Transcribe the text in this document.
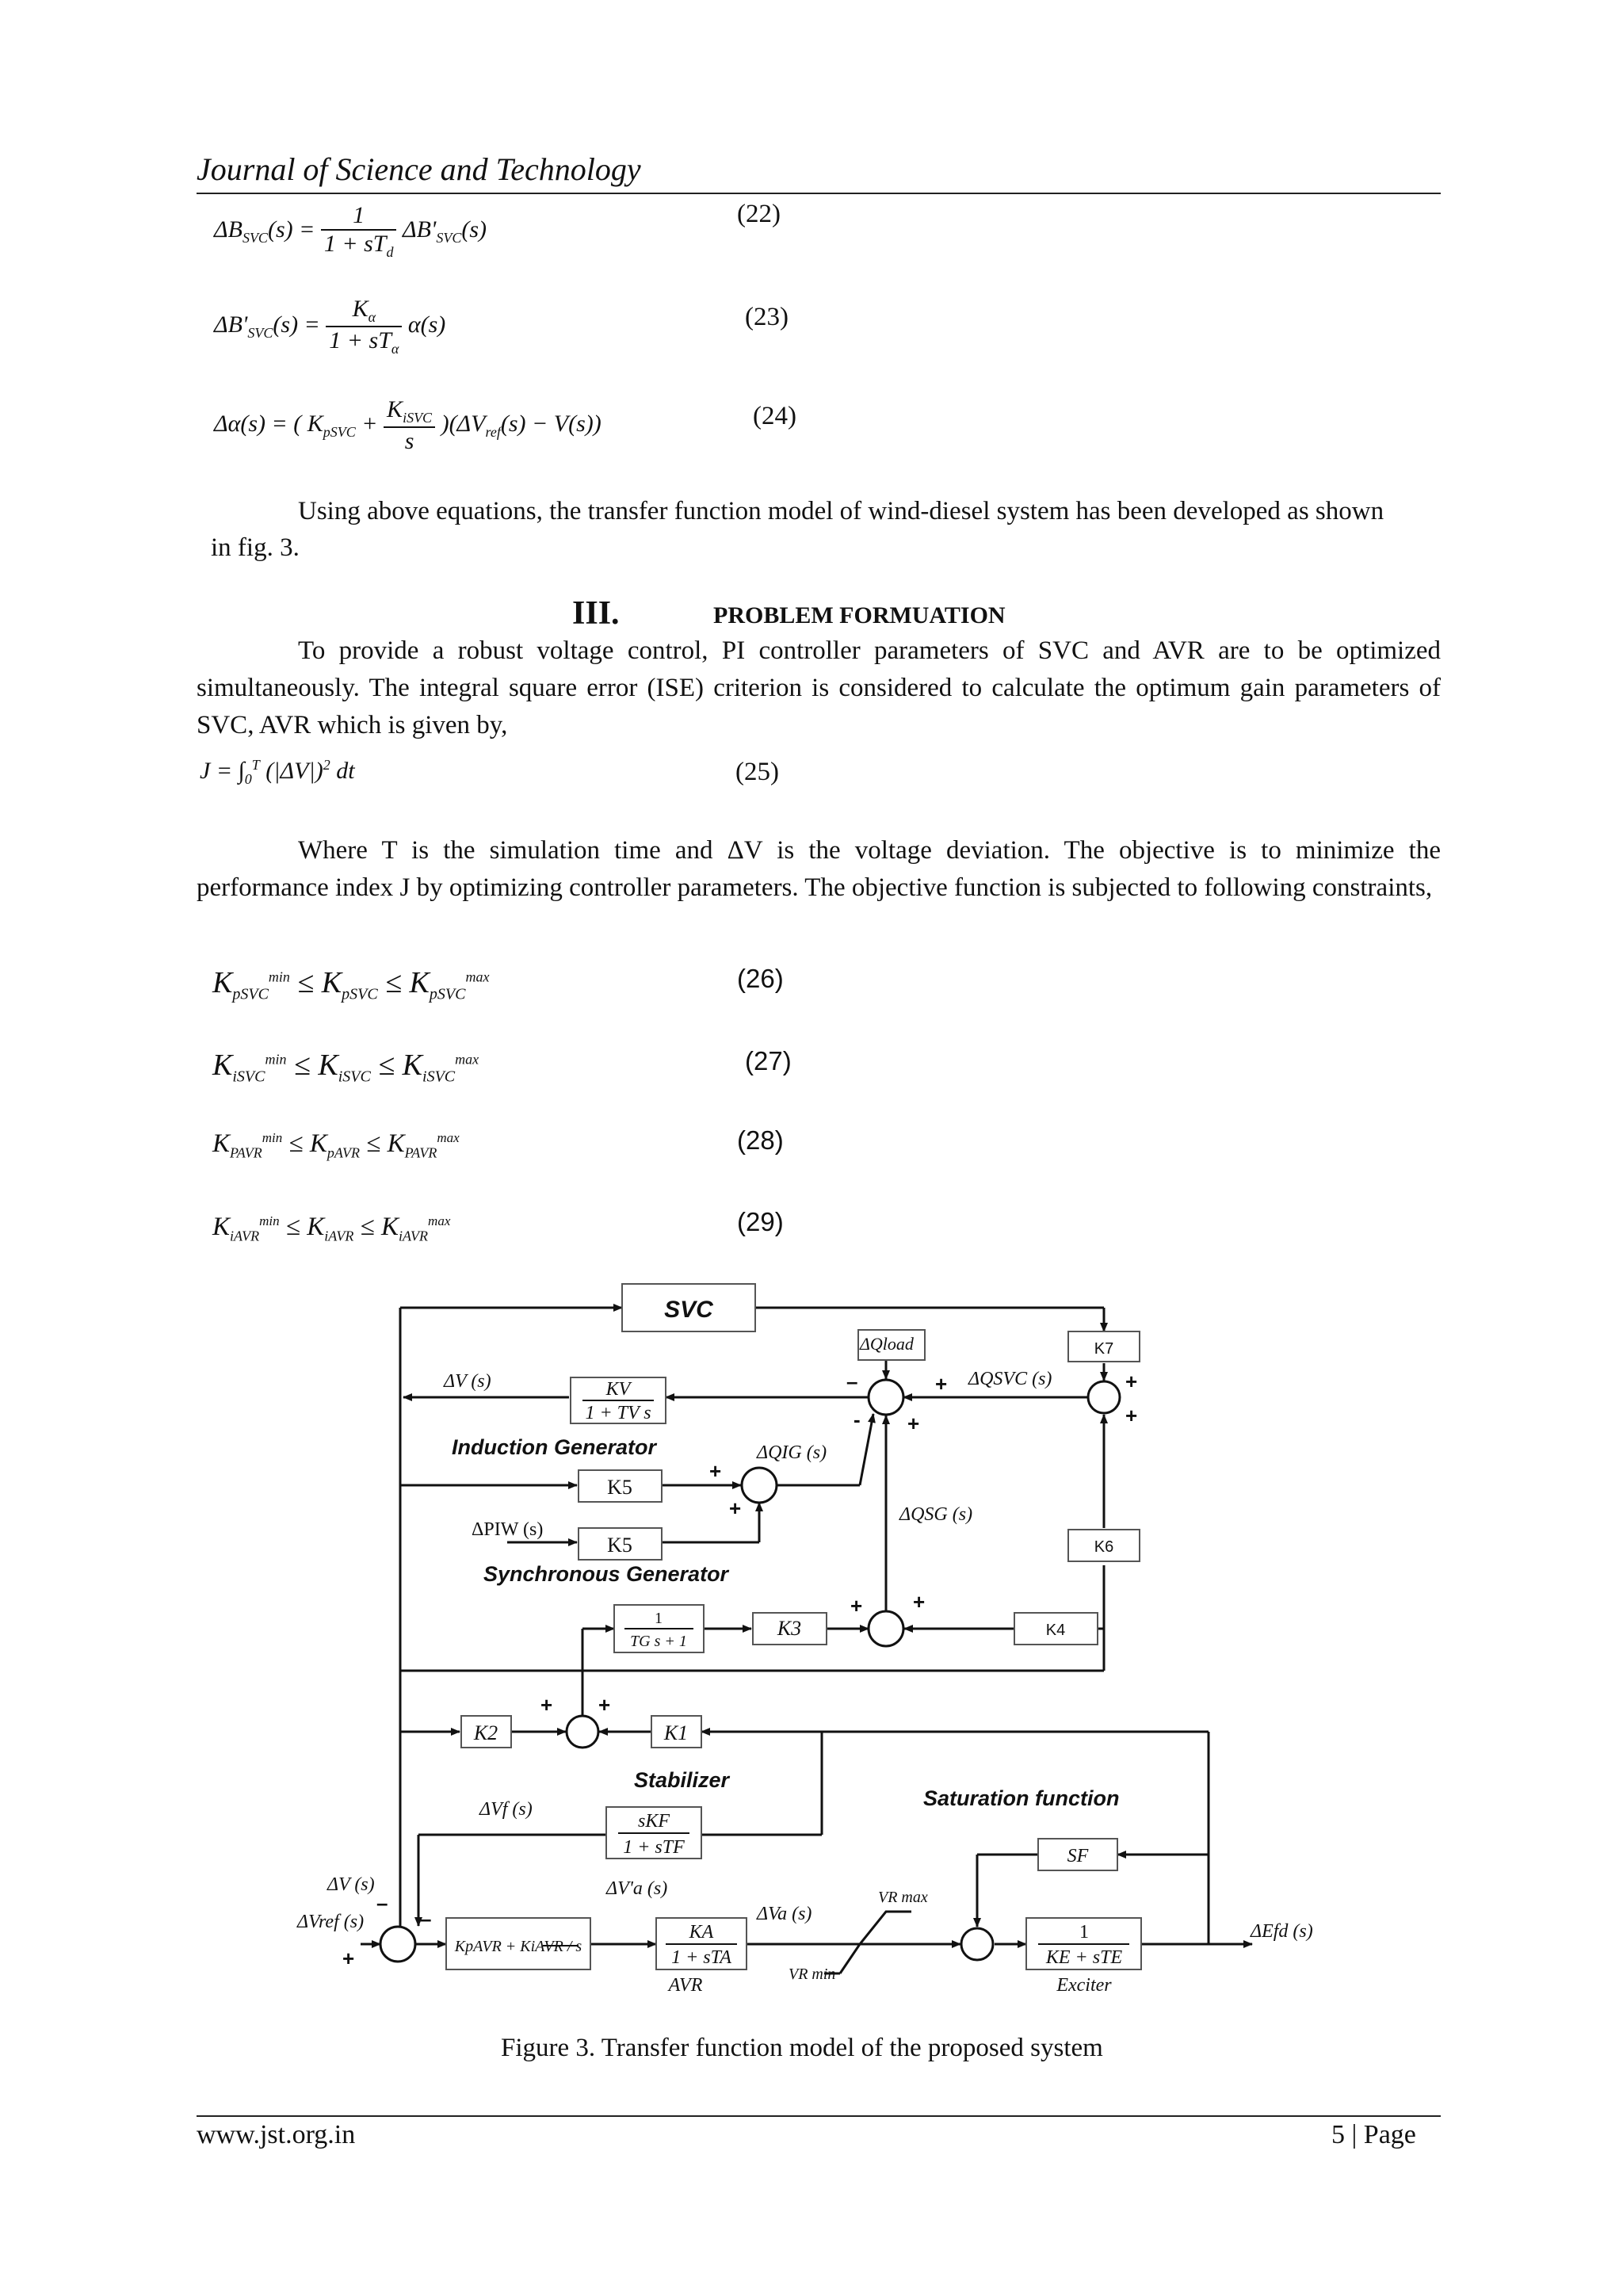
Journal of Science and Technology
$\Delta B_{SVC}(s) = \frac{1}{1 + sT_d} \Delta B'_{SVC}(s)$
(22)
$\Delta B'_{SVC}(s) = \frac{K_\alpha}{1 + sT_\alpha} \alpha(s)$	(23)
Δα(s) = ( $K_{pSVC} + \frac{K_{iSVC}}{s} )(\Delta V_{ref}(s) - V(s))$	(24)
Using above equations, the transfer function model of wind-diesel system has been developed as shown
in fig. 3.
III.	PROBLEM FORMUATION
To provide a robust voltage control, PI controller parameters of SVC and AVR are to be optimized simultaneously. The integral square error (ISE) criterion is considered to calculate the optimum gain parameters of SVC, AVR which is given by,
$J = \int_0^T$ $(|\Delta V|)^2$ dt	(25)
Where T is the simulation time and ΔV is the voltage deviation. The objective is to minimize the performance index J by optimizing controller parameters. The objective function is subjected to following constraints,
$K_{pSVC}^{min} \le K_{pSVC} \le K_{pSVC}^{max}$	(26)
$K_{iSVC}^{min} \le K_{iSVC} \le K_{iSVC}^{max}$	(27)
$K_{PAVR}^{min} \le K_{pAVR} \le K_{PAVR}^{max}$	(28)
$K_{iAVR}^{min} \le K_{iAVR} \le K_{iAVR}^{max}$	(29)
SVC
K7
K6
K4
K3
K2	K1
K5
K5
KV
1 + TV s
1
TG s + 1
sKF
1 + sTF
KA
1 + sTA
1
KE + sTE
SF
KpAVR + KiAVR / s
ΔQload
ΔQSVC (s)
ΔQIG (s)
ΔQSG (s)
ΔV (s)
ΔPIW (s)
ΔVf (s)
ΔV'a (s)
ΔVa (s)
ΔV (s)
ΔVref (s)
VR max
VR min
ΔEfd (s)
Induction Generator
Synchronous Generator
Stabilizer
Saturation function
AVR	Exciter
–	+
- +
+
+
+
+
+ +
+ +
–
–
+
Figure 3. Transfer function model of the proposed system
www.jst.org.in	5 | Page
